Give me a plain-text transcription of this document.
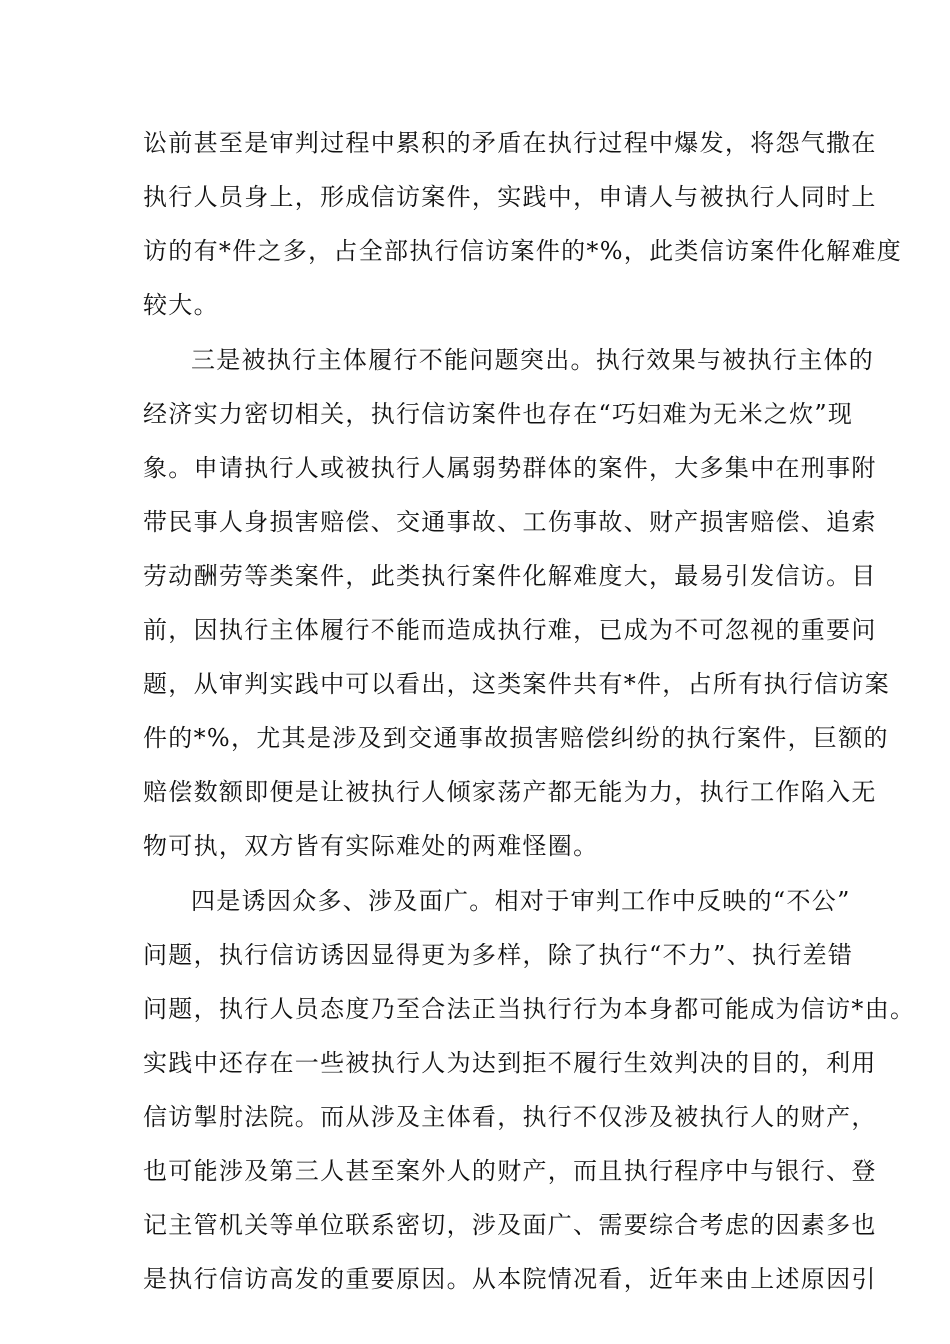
讼前甚至是审判过程中累积的矛盾在执行过程中爆发，将怨气撒在
执行人员身上，形成信访案件，实践中，申请人与被执行人同时上
访的有*件之多，占全部执行信访案件的*%，此类信访案件化解难度
较大。
三是被执行主体履行不能问题突出。执行效果与被执行主体的
经济实力密切相关，执行信访案件也存在“巧妇难为无米之炊”现
象。申请执行人或被执行人属弱势群体的案件，大多集中在刑事附
带民事人身损害赔偿、交通事故、工伤事故、财产损害赔偿、追索
劳动酬劳等类案件，此类执行案件化解难度大，最易引发信访。目
前，因执行主体履行不能而造成执行难，已成为不可忽视的重要问
题，从审判实践中可以看出，这类案件共有*件，占所有执行信访案
件的*%，尤其是涉及到交通事故损害赔偿纠纷的执行案件，巨额的
赔偿数额即便是让被执行人倾家荡产都无能为力，执行工作陷入无
物可执，双方皆有实际难处的两难怪圈。
四是诱因众多、涉及面广。相对于审判工作中反映的“不公”
问题，执行信访诱因显得更为多样，除了执行“不力”、执行差错
问题，执行人员态度乃至合法正当执行行为本身都可能成为信访*由。
实践中还存在一些被执行人为达到拒不履行生效判决的目的，利用
信访掣肘法院。而从涉及主体看，执行不仅涉及被执行人的财产，
也可能涉及第三人甚至案外人的财产，而且执行程序中与银行、登
记主管机关等单位联系密切，涉及面广、需要综合考虑的因素多也
是执行信访高发的重要原因。从本院情况看，近年来由上述原因引
